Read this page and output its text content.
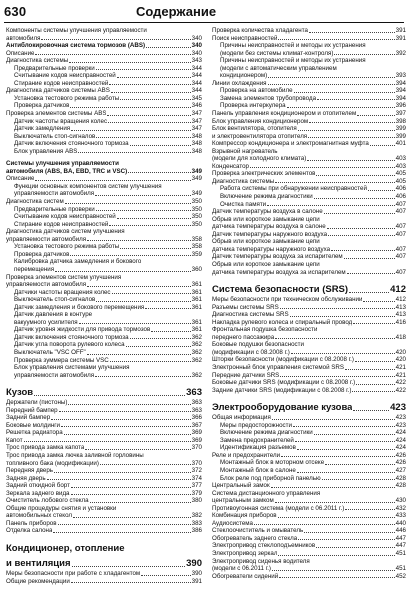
630	Содержание
Компоненты системы улучшения управляемости
автомобиля	340
Антиблокировочная система тормозов (ABS)	340
Описание	340
Диагностика системы	343
Предварительные проверки	344
Считывание кодов неисправностей	344
Стирание кодов неисправностей	344
Диагностика датчиков системы ABS	344
Установка тестового режима работы	345
Проверка датчиков	346
Проверка элементов системы ABS	347
Датчик частоты вращения колес	347
Датчик замедления	347
Выключатель стоп-сигналов	348
Датчик включения стояночного тормоза	348
Блок управления ABS	348
Системы улучшения управляемости
автомобиля (ABS, BA, EBD, TRC и VSC)	349
Описание	349
Функции основных компонентов систем улучшения
управляемости автомобиля	349
Диагностика систем	350
Предварительные проверки	350
Считывание кодов неисправностей	350
Стирание кодов неисправностей	350
Диагностика датчиков систем улучшения
управляемости автомобиля	358
Установка тестового режима работы	358
Проверка датчиков	359
Калибровка датчика замедления и бокового
перемещения	360
Проверка элементов систем улучшения
управляемости автомобиля	361
Датчики частоты вращения колес	361
Выключатель стоп-сигналов	361
Датчик замедления и бокового перемещения	361
Датчик давления в контуре
вакуумного усилителя	361
Датчик уровня жидкости для привода тормозов	361
Датчик включения стояночного тормоза	362
Датчик угла поворота рулевого колеса	362
Выключатель "VSC OFF"	362
Проверка зуммера системы VSC	362
Блок управления системами улучшения
управляемости автомобиля	362
Кузов	363
Держатели (пистоны)	363
Передний бампер	363
Задний бампер	366
Боковые молдинги	367
Решетка радиатора	369
Капот	369
Трос привода замка капота	370
Трос привода замка лючка заливной горловины
топливного бака (модификации)	370
Передняя дверь	372
Задняя дверь	374
Задний откидной борт	377
Зеркала заднего вида	379
Очиститель лобового стекла	380
Общие процедуры снятия и установки
автомобильных стекол	382
Панель приборов	383
Отделка салона	386
Кондиционер, отопление
и вентиляция	390
Меры безопасности при работе с хладагентом	390
Общие рекомендации	391
Проверка количества хладагента	391
Поиск неисправностей	391
Причины неисправностей и методы их устранения
(модели без системы климат-контроля)	392
Причины неисправностей и методы их устранения
(модели с автоматическим управлением
кондиционером)	393
Линии охлаждения	394
Проверка на автомобиле	394
Замена элементов трубопровода	394
Проверка интеркулера	396
Панель управления кондиционером и отопителем	397
Блок управления кондиционером	398
Блок вентилятора, отопителя	399
и электровентилятора отопителя	399
Компрессор кондиционера и электромагнитная муфта	401
Взрывной нагреватель
(модели для холодного климата)	403
Конденсатор	403
Проверка электрических элементов	405
Диагностика системы	405
Работа системы при обнаружении неисправностей	406
Включение режима диагностики	406
Очистка памяти	407
Датчик температуры воздуха в салоне	407
Обрыв или короткое замыкание цепи
датчика температуры воздуха в салоне	407
Датчик температуры наружного воздуха	407
Обрыв или короткое замыкание цепи
датчика температуры наружного воздуха	407
Датчик температуры воздуха за испарителем	407
Обрыв или короткое замыкание цепи
датчика температуры воздуха за испарителем	407
Система безопасности (SRS)	412
Меры безопасности при техническом обслуживании	412
Разъемы системы SRS	413
Диагностика системы SRS	413
Накладка рулевого колеса и спиральный провод	416
Фронтальная подушка безопасности
переднего пассажира	418
Боковые подушки безопасности
(модификации с 08.2008 г.)	420
Шторки безопасности (модификации с 08.2008 г.)	420
Электронный блок управления системой SRS	421
Передние датчики SRS	421
Боковые датчики SRS (модификации с 08.2008 г.)	422
Задние датчики SRS (модификации с 08.2008 г.)	422
Электрооборудование кузова	423
Общая информация	423
Меры предосторожности	423
Включение режима диагностики	424
Замена предохранителей	424
Идентификация разъемов	424
Реле и предохранители	426
Монтажный блок в моторном отсеке	426
Монтажный блок в салоне	427
Блок реле под приборной панелью	428
Центральный замок	428
Система дистанционного управления
центральным замком	430
Противоугонная система (модели с 06.2011 г.)	432
Комбинация приборов	433
Аудиосистема	440
Стеклоочиститель и омыватель	446
Обогреватель заднего стекла	447
Электропривод стеклоподъемников	447
Электропривод зеркал	451
Электропривод сиденья водителя
(модели с 06.2011 г.)	451
Обогреватели сидений	452
